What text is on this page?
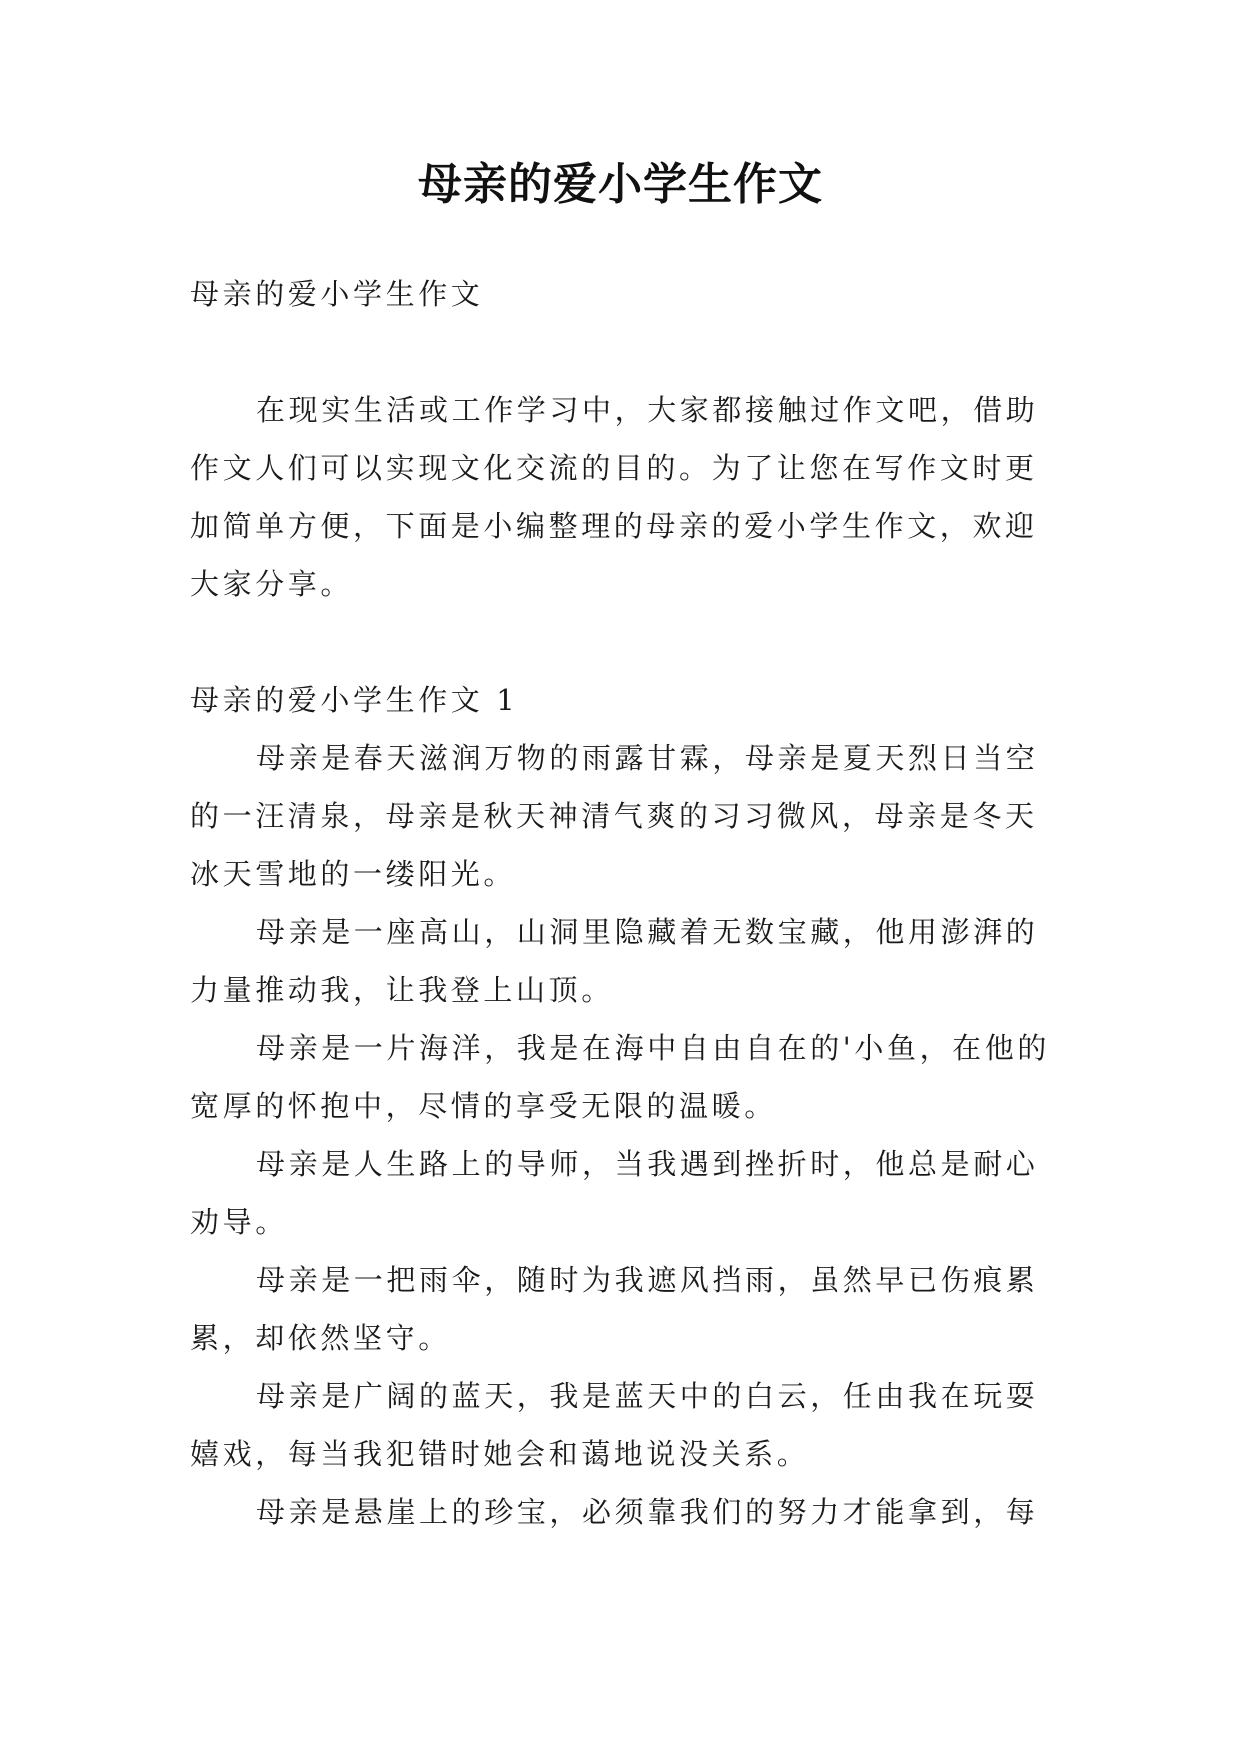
母亲的爱小学生作文

母亲的爱小学生作文

在现实生活或工作学习中，大家都接触过作文吧，借助作文人们可以实现文化交流的目的。为了让您在写作文时更加简单方便，下面是小编整理的母亲的爱小学生作文，欢迎大家分享。

母亲的爱小学生作文 1

母亲是春天滋润万物的雨露甘霖，母亲是夏天烈日当空的一汪清泉，母亲是秋天神清气爽的习习微风，母亲是冬天冰天雪地的一缕阳光。

母亲是一座高山，山洞里隐藏着无数宝藏，他用澎湃的力量推动我，让我登上山顶。

母亲是一片海洋，我是在海中自由自在的'小鱼，在他的宽厚的怀抱中，尽情的享受无限的温暖。

母亲是人生路上的导师，当我遇到挫折时，他总是耐心劝导。

母亲是一把雨伞，随时为我遮风挡雨，虽然早已伤痕累累，却依然坚守。

母亲是广阔的蓝天，我是蓝天中的白云，任由我在玩耍嬉戏，每当我犯错时她会和蔼地说没关系。

母亲是悬崖上的珍宝，必须靠我们的努力才能拿到，每
